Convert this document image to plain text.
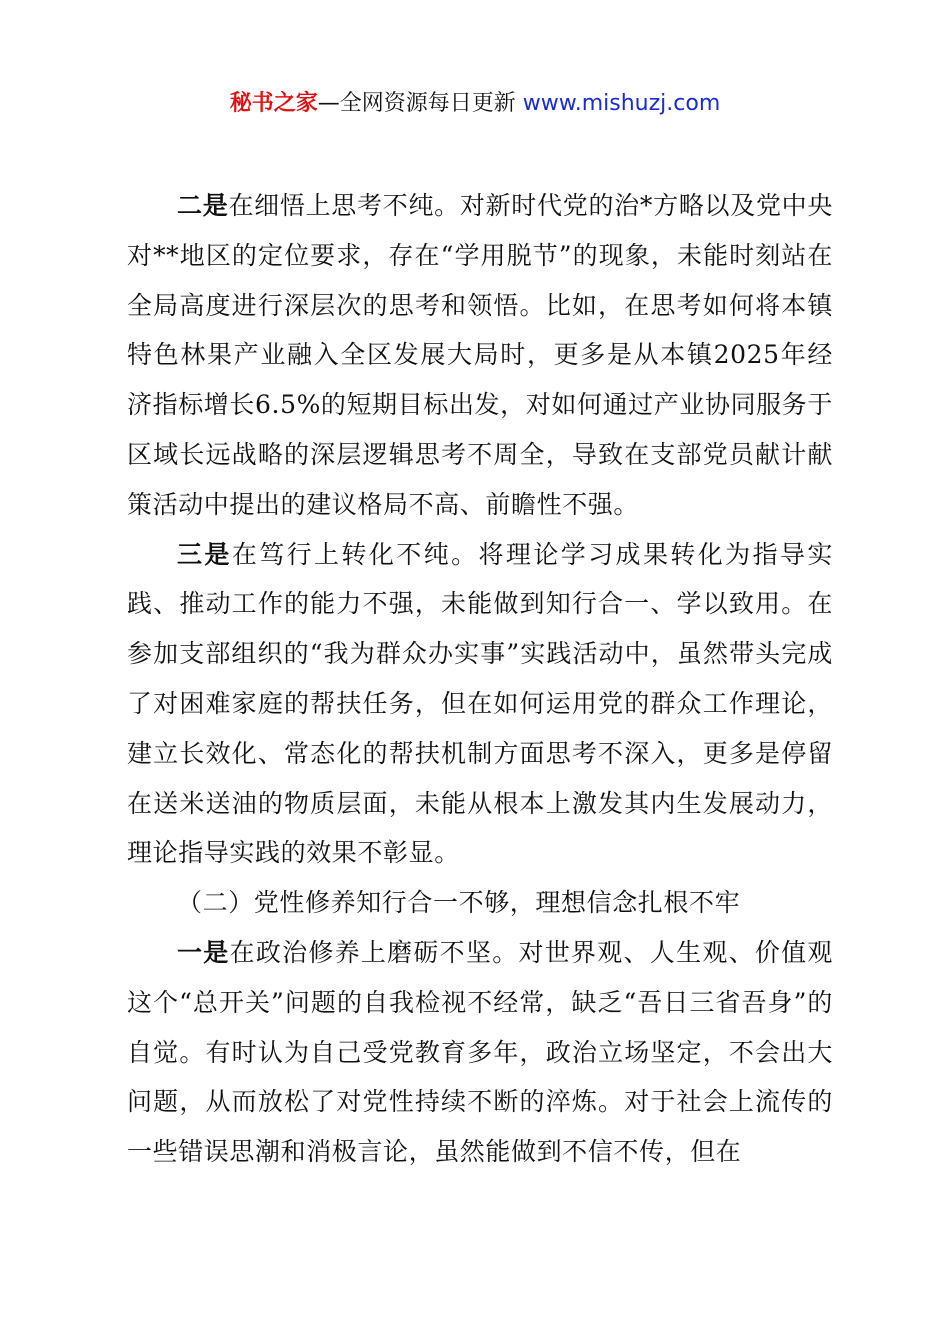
秘书之家—全网资源每日更新 www.mishuzj.com

二是在细悟上思考不纯。对新时代党的治*方略以及党中央对**地区的定位要求，存在“学用脱节”的现象，未能时刻站在全局高度进行深层次的思考和领悟。比如，在思考如何将本镇特色林果产业融入全区发展大局时，更多是从本镇2025年经济指标增长6.5%的短期目标出发，对如何通过产业协同服务于区域长远战略的深层逻辑思考不周全，导致在支部党员献计献策活动中提出的建议格局不高、前瞻性不强。

三是在笃行上转化不纯。将理论学习成果转化为指导实践、推动工作的能力不强，未能做到知行合一、学以致用。在参加支部组织的“我为群众办实事”实践活动中，虽然带头完成了对困难家庭的帮扶任务，但在如何运用党的群众工作理论，建立长效化、常态化的帮扶机制方面思考不深入，更多是停留在送米送油的物质层面，未能从根本上激发其内生发展动力，理论指导实践的效果不彰显。

（二）党性修养知行合一不够，理想信念扎根不牢

一是在政治修养上磨砺不坚。对世界观、人生观、价值观这个“总开关”问题的自我检视不经常，缺乏“吾日三省吾身”的自觉。有时认为自己受党教育多年，政治立场坚定，不会出大问题，从而放松了对党性持续不断的淬炼。对于社会上流传的一些错误思潮和消极言论，虽然能做到不信不传，但在
